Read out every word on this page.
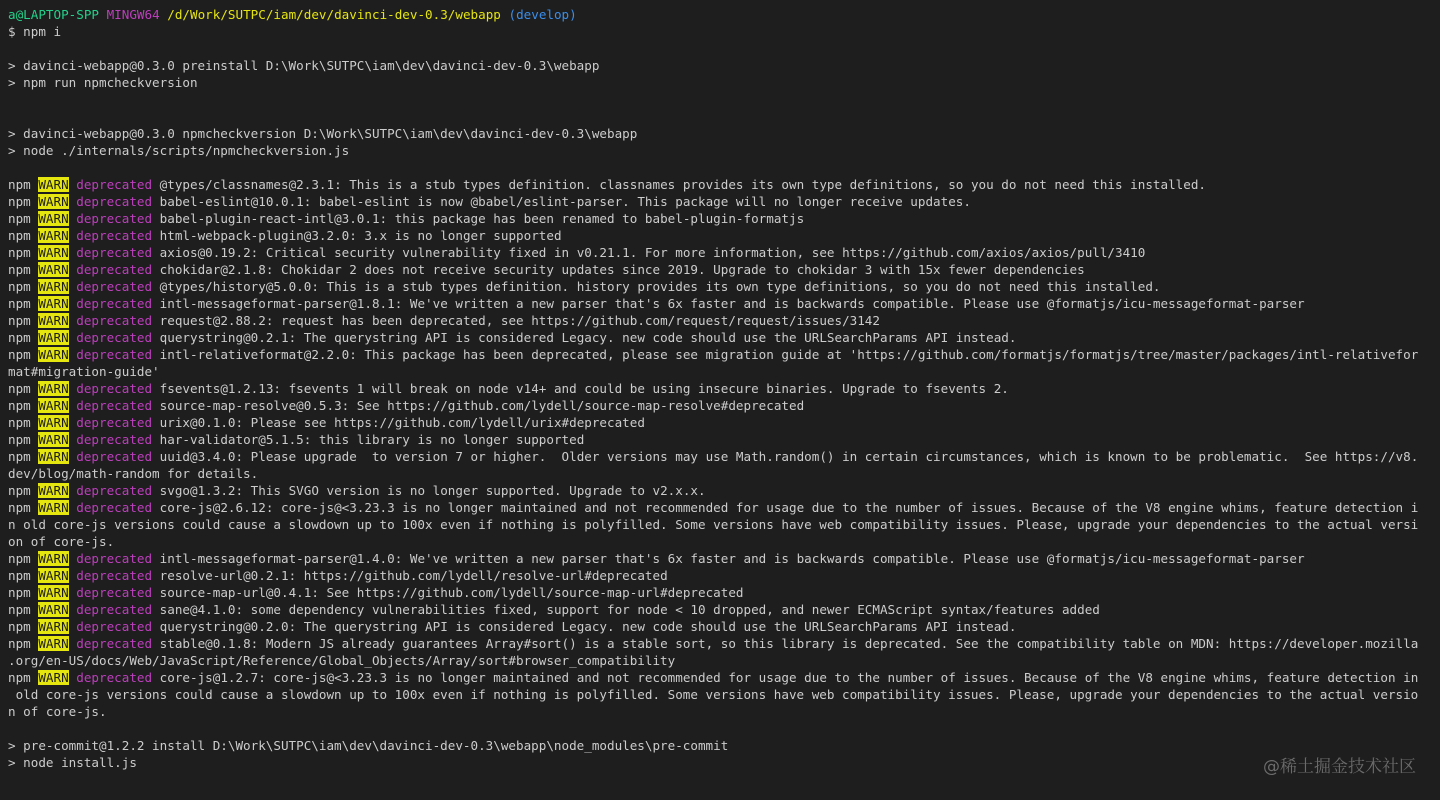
a@LAPTOP-SPP MINGW64 /d/Work/SUTPC/iam/dev/davinci-dev-0.3/webapp (develop)
$ npm i
> davinci-webapp@0.3.0 preinstall D:\Work\SUTPC\iam\dev\davinci-dev-0.3\webapp
> npm run npmcheckversion
> davinci-webapp@0.3.0 npmcheckversion D:\Work\SUTPC\iam\dev\davinci-dev-0.3\webapp
> node ./internals/scripts/npmcheckversion.js
npm WARN deprecated @types/classnames@2.3.1: This is a stub types definition. classnames provides its own type definitions, so you do not need this installed.
npm WARN deprecated babel-eslint@10.0.1: babel-eslint is now @babel/eslint-parser. This package will no longer receive updates.
npm WARN deprecated babel-plugin-react-intl@3.0.1: this package has been renamed to babel-plugin-formatjs
npm WARN deprecated html-webpack-plugin@3.2.0: 3.x is no longer supported
npm WARN deprecated axios@0.19.2: Critical security vulnerability fixed in v0.21.1. For more information, see https://github.com/axios/axios/pull/3410
npm WARN deprecated chokidar@2.1.8: Chokidar 2 does not receive security updates since 2019. Upgrade to chokidar 3 with 15x fewer dependencies
npm WARN deprecated @types/history@5.0.0: This is a stub types definition. history provides its own type definitions, so you do not need this installed.
npm WARN deprecated intl-messageformat-parser@1.8.1: We've written a new parser that's 6x faster and is backwards compatible. Please use @formatjs/icu-messageformat-parser
npm WARN deprecated request@2.88.2: request has been deprecated, see https://github.com/request/request/issues/3142
npm WARN deprecated querystring@0.2.1: The querystring API is considered Legacy. new code should use the URLSearchParams API instead.
npm WARN deprecated intl-relativeformat@2.2.0: This package has been deprecated, please see migration guide at 'https://github.com/formatjs/formatjs/tree/master/packages/intl-relativefor
mat#migration-guide'
npm WARN deprecated fsevents@1.2.13: fsevents 1 will break on node v14+ and could be using insecure binaries. Upgrade to fsevents 2.
npm WARN deprecated source-map-resolve@0.5.3: See https://github.com/lydell/source-map-resolve#deprecated
npm WARN deprecated urix@0.1.0: Please see https://github.com/lydell/urix#deprecated
npm WARN deprecated har-validator@5.1.5: this library is no longer supported
npm WARN deprecated uuid@3.4.0: Please upgrade  to version 7 or higher.  Older versions may use Math.random() in certain circumstances, which is known to be problematic.  See https://v8.
dev/blog/math-random for details.
npm WARN deprecated svgo@1.3.2: This SVGO version is no longer supported. Upgrade to v2.x.x.
npm WARN deprecated core-js@2.6.12: core-js@<3.23.3 is no longer maintained and not recommended for usage due to the number of issues. Because of the V8 engine whims, feature detection i
n old core-js versions could cause a slowdown up to 100x even if nothing is polyfilled. Some versions have web compatibility issues. Please, upgrade your dependencies to the actual versi
on of core-js.
npm WARN deprecated intl-messageformat-parser@1.4.0: We've written a new parser that's 6x faster and is backwards compatible. Please use @formatjs/icu-messageformat-parser
npm WARN deprecated resolve-url@0.2.1: https://github.com/lydell/resolve-url#deprecated
npm WARN deprecated source-map-url@0.4.1: See https://github.com/lydell/source-map-url#deprecated
npm WARN deprecated sane@4.1.0: some dependency vulnerabilities fixed, support for node < 10 dropped, and newer ECMAScript syntax/features added
npm WARN deprecated querystring@0.2.0: The querystring API is considered Legacy. new code should use the URLSearchParams API instead.
npm WARN deprecated stable@0.1.8: Modern JS already guarantees Array#sort() is a stable sort, so this library is deprecated. See the compatibility table on MDN: https://developer.mozilla
.org/en-US/docs/Web/JavaScript/Reference/Global_Objects/Array/sort#browser_compatibility
npm WARN deprecated core-js@1.2.7: core-js@<3.23.3 is no longer maintained and not recommended for usage due to the number of issues. Because of the V8 engine whims, feature detection in
old core-js versions could cause a slowdown up to 100x even if nothing is polyfilled. Some versions have web compatibility issues. Please, upgrade your dependencies to the actual versio
n of core-js.
> pre-commit@1.2.2 install D:\Work\SUTPC\iam\dev\davinci-dev-0.3\webapp\node_modules\pre-commit
> node install.js	@稀土掘金技术社区
